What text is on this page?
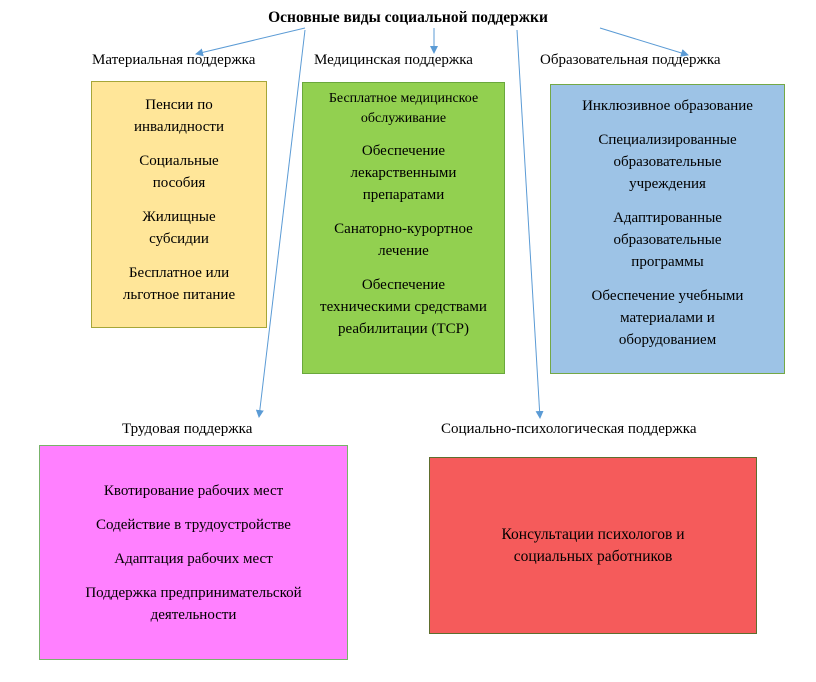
Основные виды социальной поддержки
Материальная поддержка	Медицинская поддержка	Образовательная поддержка
Трудовая поддержка	Социально-психологическая поддержка
Пенсии по инвалидности
Социальные пособия
Жилищные субсидии
Бесплатное или льготное питание
Бесплатное медицинское обслуживание
Обеспечение лекарственными препаратами
Санаторно-курортное лечение
Обеспечение техническими средствами реабилитации (ТСР)
Инклюзивное образование
Специализированные образовательные учреждения
Адаптированные образовательные программы
Обеспечение учебными материалами и оборудованием
Квотирование рабочих мест
Содействие в трудоустройстве
Адаптация рабочих мест
Поддержка предпринимательской деятельности
Консультации психологов и социальных работников
